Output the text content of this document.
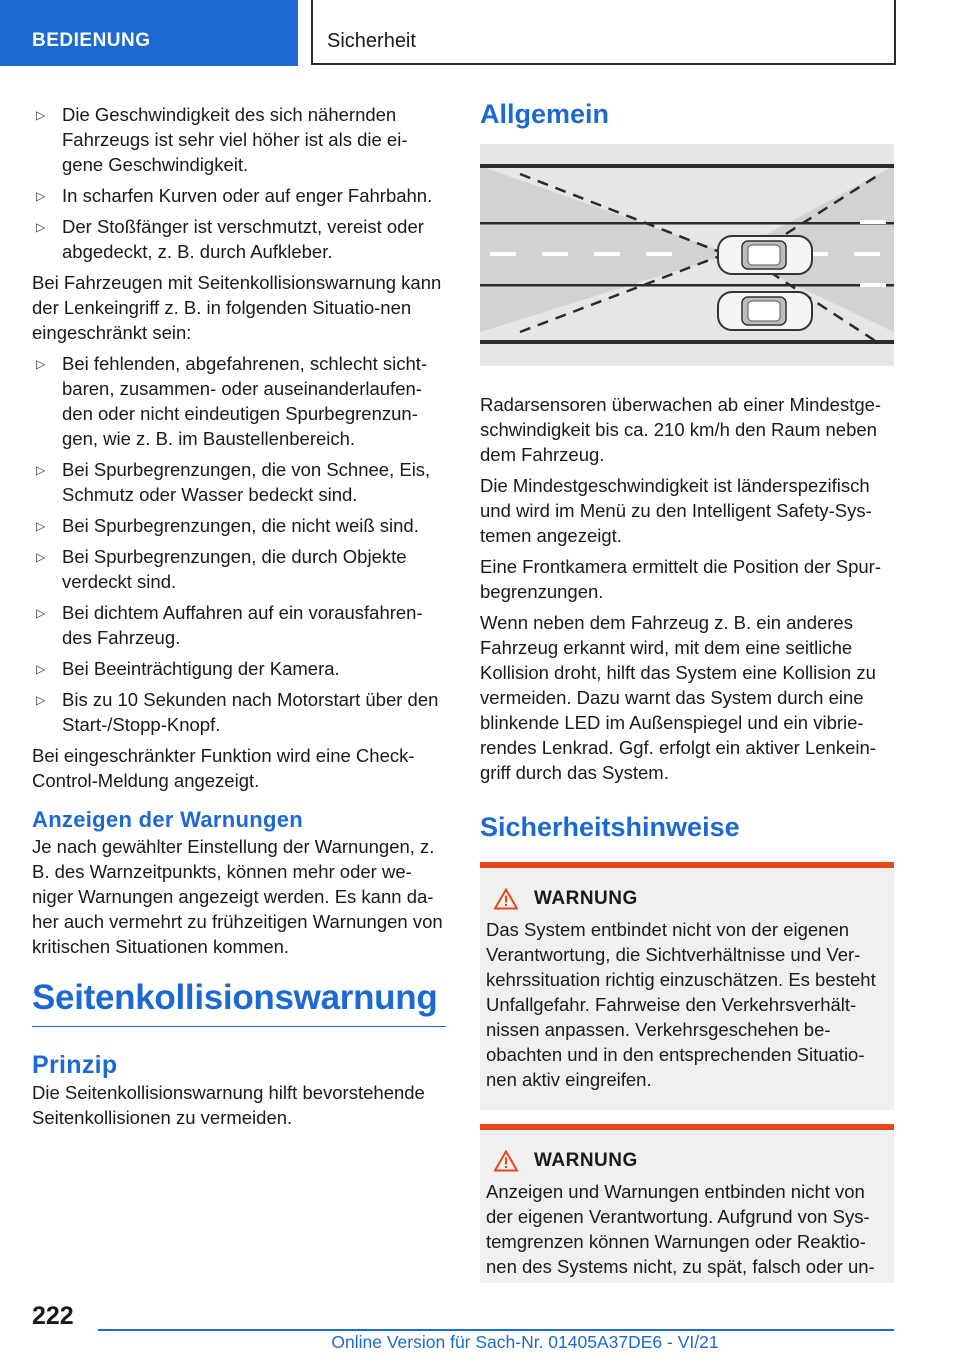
BEDIENUNG	Sicherheit
▷ Die Geschwindigkeit des sich nähernden Fahrzeugs ist sehr viel höher ist als die ei-gene Geschwindigkeit.
▷ In scharfen Kurven oder auf enger Fahrbahn.
▷ Der Stoßfänger ist verschmutzt, vereist oder abgedeckt, z. B. durch Aufkleber.

Bei Fahrzeugen mit Seitenkollisionswarnung kann der Lenkeingriff z. B. in folgenden Situatio-nen eingeschränkt sein:

▷ Bei fehlenden, abgefahrenen, schlecht sicht-baren, zusammen- oder auseinanderlaufen-den oder nicht eindeutigen Spurbegrenzun-gen, wie z. B. im Baustellenbereich.
▷ Bei Spurbegrenzungen, die von Schnee, Eis, Schmutz oder Wasser bedeckt sind.
▷ Bei Spurbegrenzungen, die nicht weiß sind.
▷ Bei Spurbegrenzungen, die durch Objekte verdeckt sind.
▷ Bei dichtem Auffahren auf ein vorausfahren-des Fahrzeug.
▷ Bei Beeinträchtigung der Kamera.
▷ Bis zu 10 Sekunden nach Motorstart über den Start-/Stopp-Knopf.

Bei eingeschränkter Funktion wird eine Check-Control-Meldung angezeigt.

Anzeigen der Warnungen

Je nach gewählter Einstellung der Warnungen, z. B. des Warnzeitpunkts, können mehr oder we-niger Warnungen angezeigt werden. Es kann da-her auch vermehrt zu frühzeitigen Warnungen von kritischen Situationen kommen.

Seitenkollisionswarnung
Prinzip

Die Seitenkollisionswarnung hilft bevorstehende Seitenkollisionen zu vermeiden.

Allgemein

Radarsensoren überwachen ab einer Mindestge-schwindigkeit bis ca. 210 km/h den Raum neben dem Fahrzeug.

Die Mindestgeschwindigkeit ist länderspezifisch und wird im Menü zu den Intelligent Safety-Sys-temen angezeigt.

Eine Frontkamera ermittelt die Position der Spur-begrenzungen.

Wenn neben dem Fahrzeug z. B. ein anderes Fahrzeug erkannt wird, mit dem eine seitliche Kollision droht, hilft das System eine Kollision zu vermeiden. Dazu warnt das System durch eine blinkende LED im Außenspiegel und ein vibrie-rendes Lenkrad. Ggf. erfolgt ein aktiver Lenkein-griff durch das System.

Sicherheitshinweise
WARNUNG
Das System entbindet nicht von der eigenen Verantwortung, die Sichtverhältnisse und Ver-kehrssituation richtig einzuschätzen. Es besteht Unfallgefahr. Fahrweise den Verkehrsverhält-nissen anpassen. Verkehrsgeschehen be-obachten und in den entsprechenden Situatio-nen aktiv eingreifen.
WARNUNG
Anzeigen und Warnungen entbinden nicht von der eigenen Verantwortung. Aufgrund von Sys-temgrenzen können Warnungen oder Reaktio-nen des Systems nicht, zu spät, falsch oder un-
222
Online Version für Sach-Nr. 01405A37DE6 - VI/21
